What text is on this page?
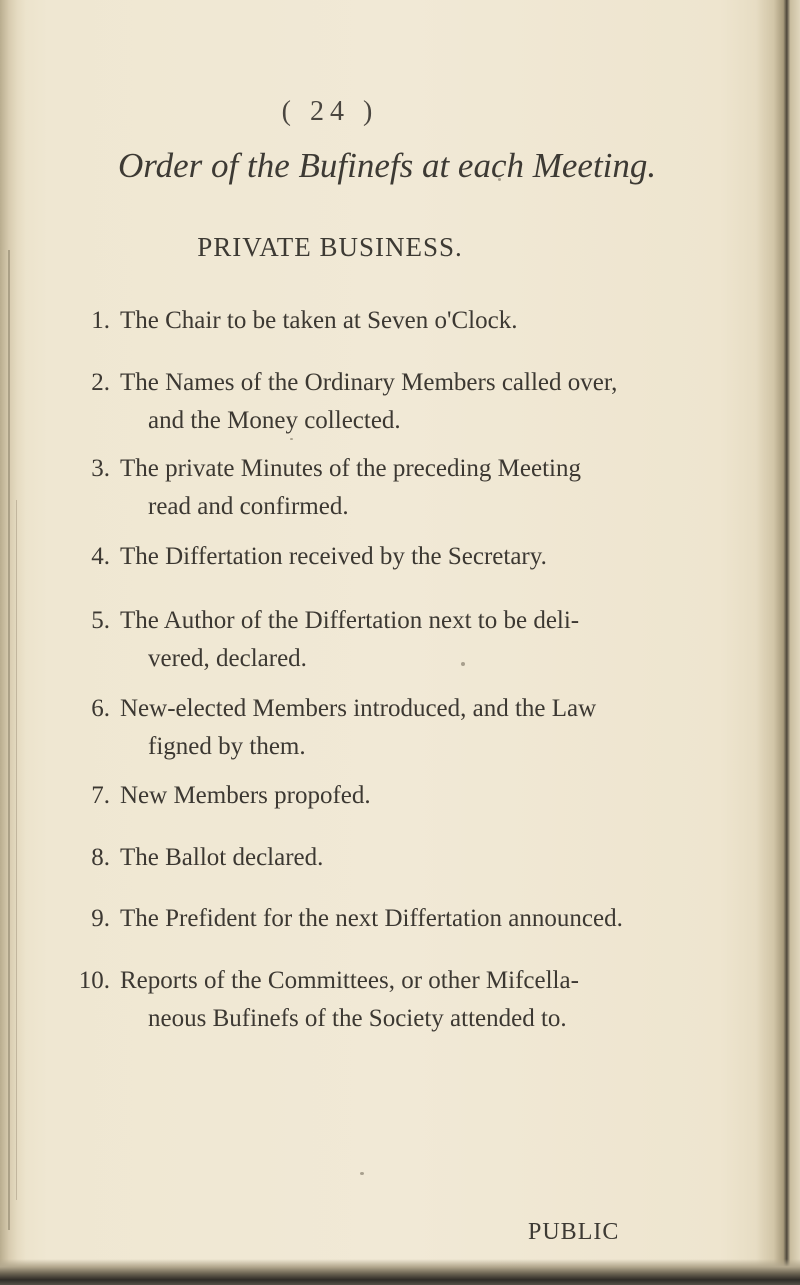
( 24 )
Order of the Bufinefs at each Meeting.
PRIVATE BUSINESS.
1. The Chair to be taken at Seven o'Clock.
2. The Names of the Ordinary Members called over,
and the Money collected.
3. The private Minutes of the preceding Meeting
read and confirmed.
4. The Differtation received by the Secretary.
5. The Author of the Differtation next to be deli-
vered, declared.
6. New-elected Members introduced, and the Law
figned by them.
7. New Members propofed.
8. The Ballot declared.
9. The Prefident for the next Differtation announced.
10. Reports of the Committees, or other Mifcella-
neous Bufinefs of the Society attended to.
PUBLIC
